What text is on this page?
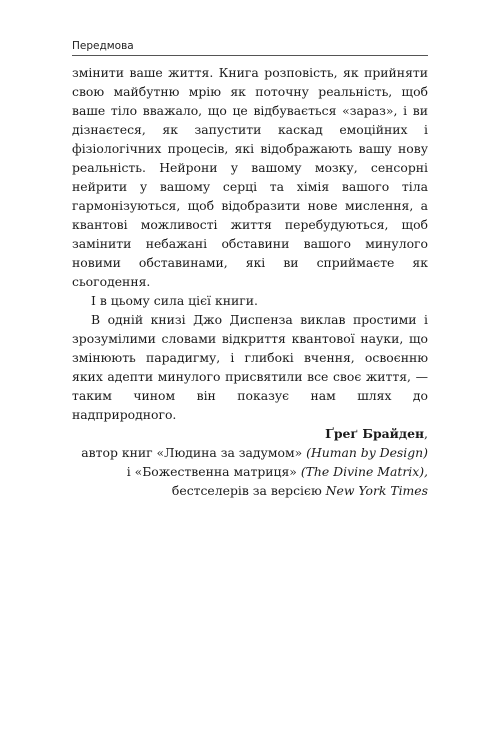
Передмова

змінити ваше життя. Книга розповість, як прийняти свою майбутню мрію як поточну реальність, щоб ваше тіло вважало, що це відбувається «зараз», і ви дізнаєтеся, як запустити каскад емоційних і фізіологічних процесів, які відображають вашу нову реальність. Нейрони у вашому мозку, сенсорні нейрити у вашому серці та хімія вашого тіла гармонізуються, щоб відобразити нове мислення, а квантові можливості життя перебудуються, щоб замінити небажані обставини вашого минулого новими обставинами, які ви сприймаєте як сьогодення.

І в цьому сила цієї книги.

В одній книзі Джо Диспенза виклав простими і зрозумілими словами відкриття квантової науки, що змінюють парадигму, і глибокі вчення, освоєнню яких адепти минулого присвятили все своє життя, — таким чином він показує нам шлях до надприродного.

Ґреґ Брайден,

автор книг «Людина за задумом» (Human by Design)

і «Божественна матриця» (The Divine Matrix),

бестселерів за версією New York Times
